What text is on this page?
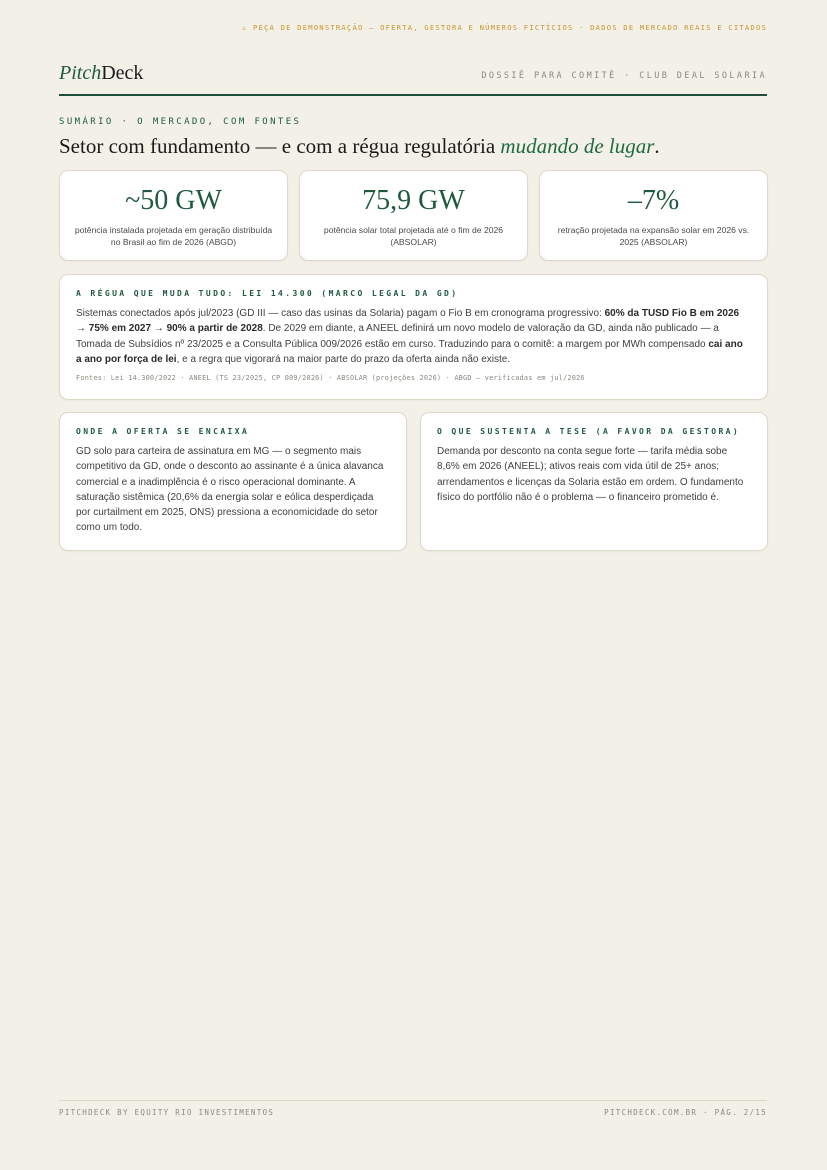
⚠ PEÇA DE DEMONSTRAÇÃO — OFERTA, GESTORA E NÚMEROS FICTÍCIOS · DADOS DE MERCADO REAIS E CITADOS
PitchDeck	DOSSIÊ PARA COMITÊ · CLUB DEAL SOLARIA
SUMÁRIO · O MERCADO, COM FONTES
Setor com fundamento — e com a régua regulatória mudando de lugar.
~50 GW
potência instalada projetada em geração distribuída no Brasil ao fim de 2026 (ABGD)
75,9 GW
potência solar total projetada até o fim de 2026 (ABSOLAR)
–7%
retração projetada na expansão solar em 2026 vs. 2025 (ABSOLAR)
A RÉGUA QUE MUDA TUDO: LEI 14.300 (MARCO LEGAL DA GD)

Sistemas conectados após jul/2023 (GD III — caso das usinas da Solaria) pagam o Fio B em cronograma progressivo: 60% da TUSD Fio B em 2026 → 75% em 2027 → 90% a partir de 2028. De 2029 em diante, a ANEEL definirá um novo modelo de valoração da GD, ainda não publicado — a Tomada de Subsídios nº 23/2025 e a Consulta Pública 009/2026 estão em curso. Traduzindo para o comitê: a margem por MWh compensado cai ano a ano por força de lei, e a regra que vigorará na maior parte do prazo da oferta ainda não existe.

Fontes: Lei 14.300/2022 · ANEEL (TS 23/2025, CP 009/2026) · ABSOLAR (projeções 2026) · ABGD — verificadas em jul/2026
ONDE A OFERTA SE ENCAIXA

GD solo para carteira de assinatura em MG — o segmento mais competitivo da GD, onde o desconto ao assinante é a única alavanca comercial e a inadimplência é o risco operacional dominante. A saturação sistêmica (20,6% da energia solar e eólica desperdiçada por curtailment em 2025, ONS) pressiona a economicidade do setor como um todo.

O QUE SUSTENTA A TESE (A FAVOR DA GESTORA)

Demanda por desconto na conta segue forte — tarifa média sobe 8,6% em 2026 (ANEEL); ativos reais com vida útil de 25+ anos; arrendamentos e licenças da Solaria estão em ordem. O fundamento físico do portfólio não é o problema — o financeiro prometido é.

PITCHDECK BY EQUITY RIO INVESTIMENTOS	PITCHDECK.COM.BR · PÁG. 2/15
